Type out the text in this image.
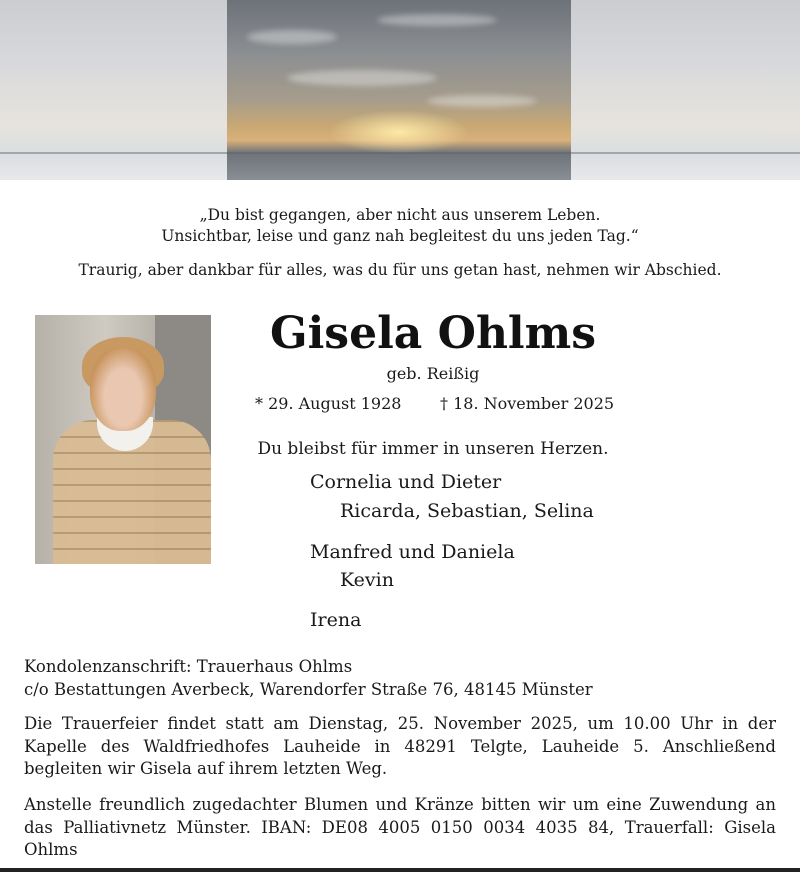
„Du bist gegangen, aber nicht aus unserem Leben.
Unsichtbar, leise und ganz nah begleitest du uns jeden Tag.“
Traurig, aber dankbar für alles, was du für uns getan hast, nehmen wir Abschied.
Gisela Ohlms
geb. Reißig
* 29. August 1928 † 18. November 2025
Du bleibst für immer in unseren Herzen.
Cornelia und Dieter
Ricarda, Sebastian, Selina
Manfred und Daniela
Kevin
Irena
Kondolenzanschrift: Trauerhaus Ohlms
c/o Bestattungen Averbeck, Warendorfer Straße 76, 48145 Münster
Die Trauerfeier findet statt am Dienstag, 25. November 2025, um 10.00 Uhr in der Kapelle des Waldfriedhofes Lauheide in 48291 Telgte, Lauheide 5. Anschließend begleiten wir Gisela auf ihrem letzten Weg.
Anstelle freundlich zugedachter Blumen und Kränze bitten wir um eine Zuwendung an das Palliativnetz Münster. IBAN: DE08 4005 0150 0034 4035 84, Trauerfall: Gisela Ohlms
